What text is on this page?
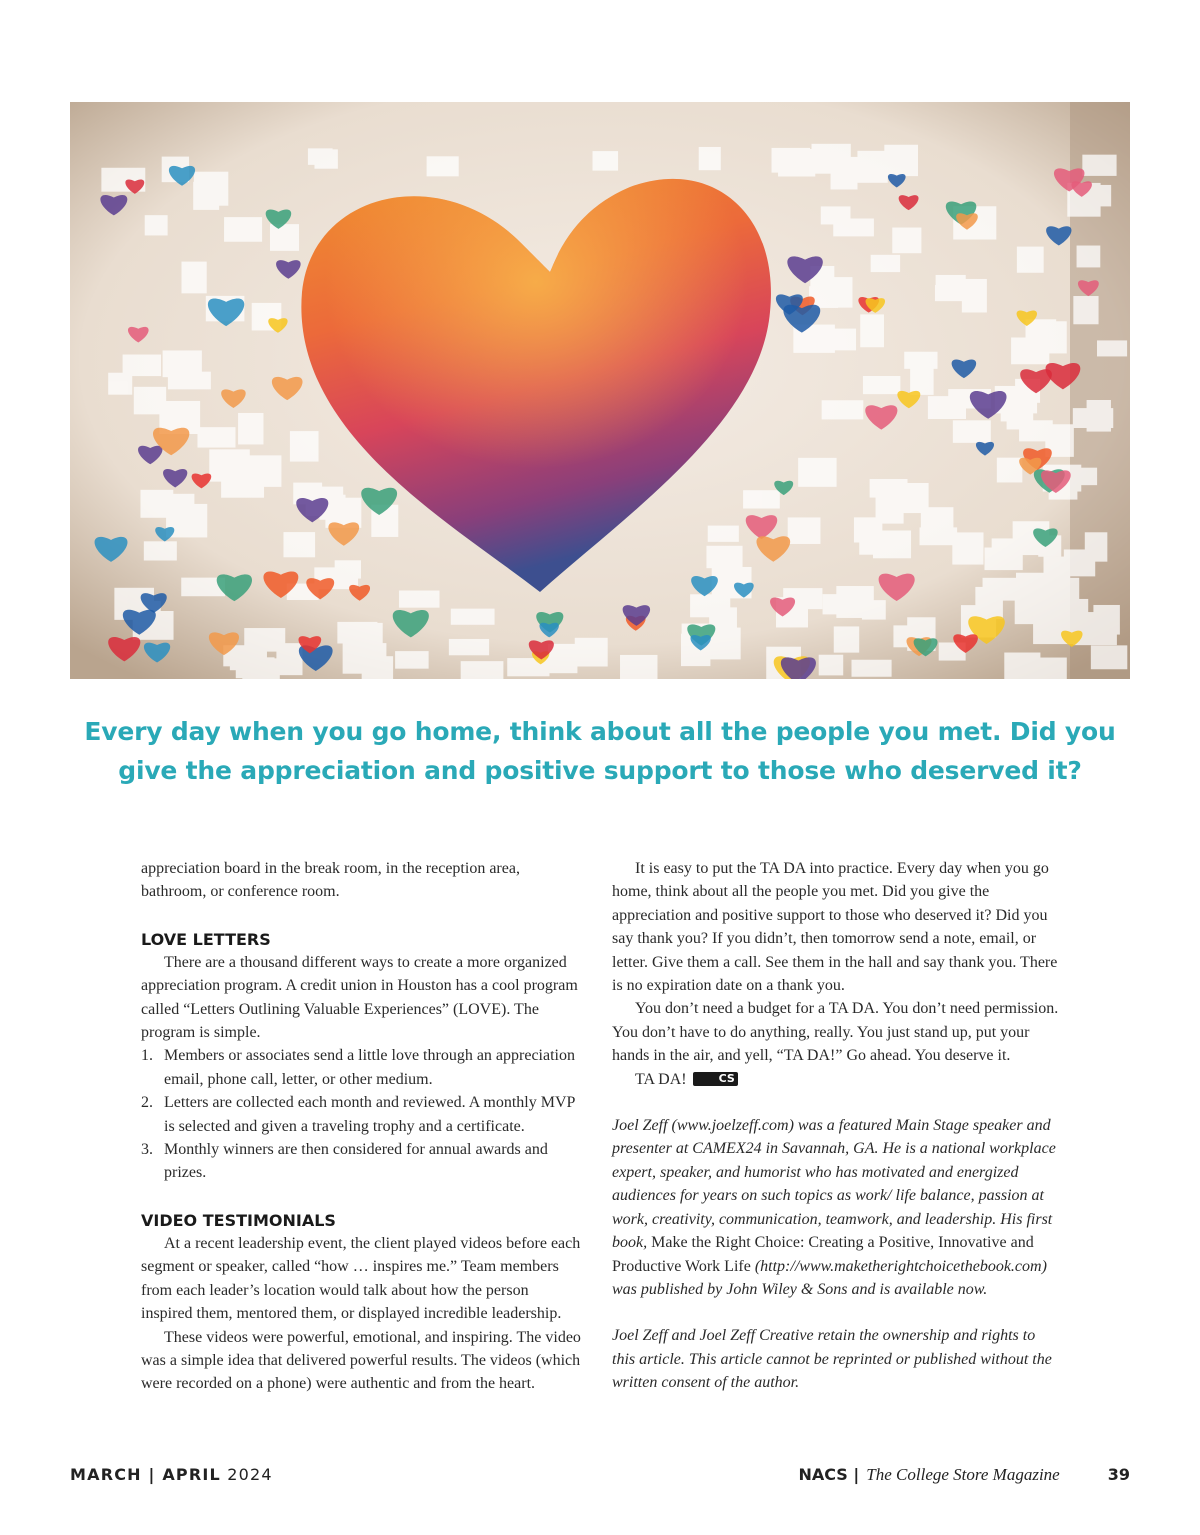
Every day when you go home, think about all the people you met. Did you give the appreciation and positive support to those who deserved it?

appreciation board in the break room, in the reception area, bathroom, or conference room.

LOVE LETTERS

There are a thousand different ways to create a more organized appreciation program. A credit union in Houston has a cool program called “Letters Outlining Valuable Experiences” (LOVE). The program is simple.

1. Members or associates send a little love through an appreciation email, phone call, letter, or other medium.
2. Letters are collected each month and reviewed. A monthly MVP is selected and given a traveling trophy and a certificate.
3. Monthly winners are then considered for annual awards and prizes.

VIDEO TESTIMONIALS

At a recent leadership event, the client played videos before each segment or speaker, called “how … inspires me.” Team members from each leader’s location would talk about how the person inspired them, mentored them, or displayed incredible leadership.

These videos were powerful, emotional, and inspiring. The video was a simple idea that delivered powerful results. The videos (which were recorded on a phone) were authentic and from the heart.

It is easy to put the TA DA into practice. Every day when you go home, think about all the people you met. Did you give the appreciation and positive support to those who deserved it? Did you say thank you? If you didn’t, then tomorrow send a note, email, or letter. Give them a call. See them in the hall and say thank you. There is no expiration date on a thank you.

You don’t need a budget for a TA DA. You don’t need permission. You don’t have to do anything, really. You just stand up, put your hands in the air, and yell, “TA DA!” Go ahead. You deserve it.

TA DA!	CS

Joel Zeff (www.joelzeff.com) was a featured Main Stage speaker and presenter at CAMEX24 in Savannah, GA. He is a national workplace expert, speaker, and humorist who has motivated and energized audiences for years on such topics as work/ life balance, passion at work, creativity, communication, teamwork, and leadership. His first book, Make the Right Choice: Creating a Positive, Innovative and Productive Work Life (http://www.makethe​rightchoicethebook.com) was published by John Wiley & Sons and is available now.

Joel Zeff and Joel Zeff Creative retain the ownership and rights to this article. This article cannot be reprinted or published without the written consent of the author.

MARCH | APRIL 2024	NACS | The College Store Magazine	39
